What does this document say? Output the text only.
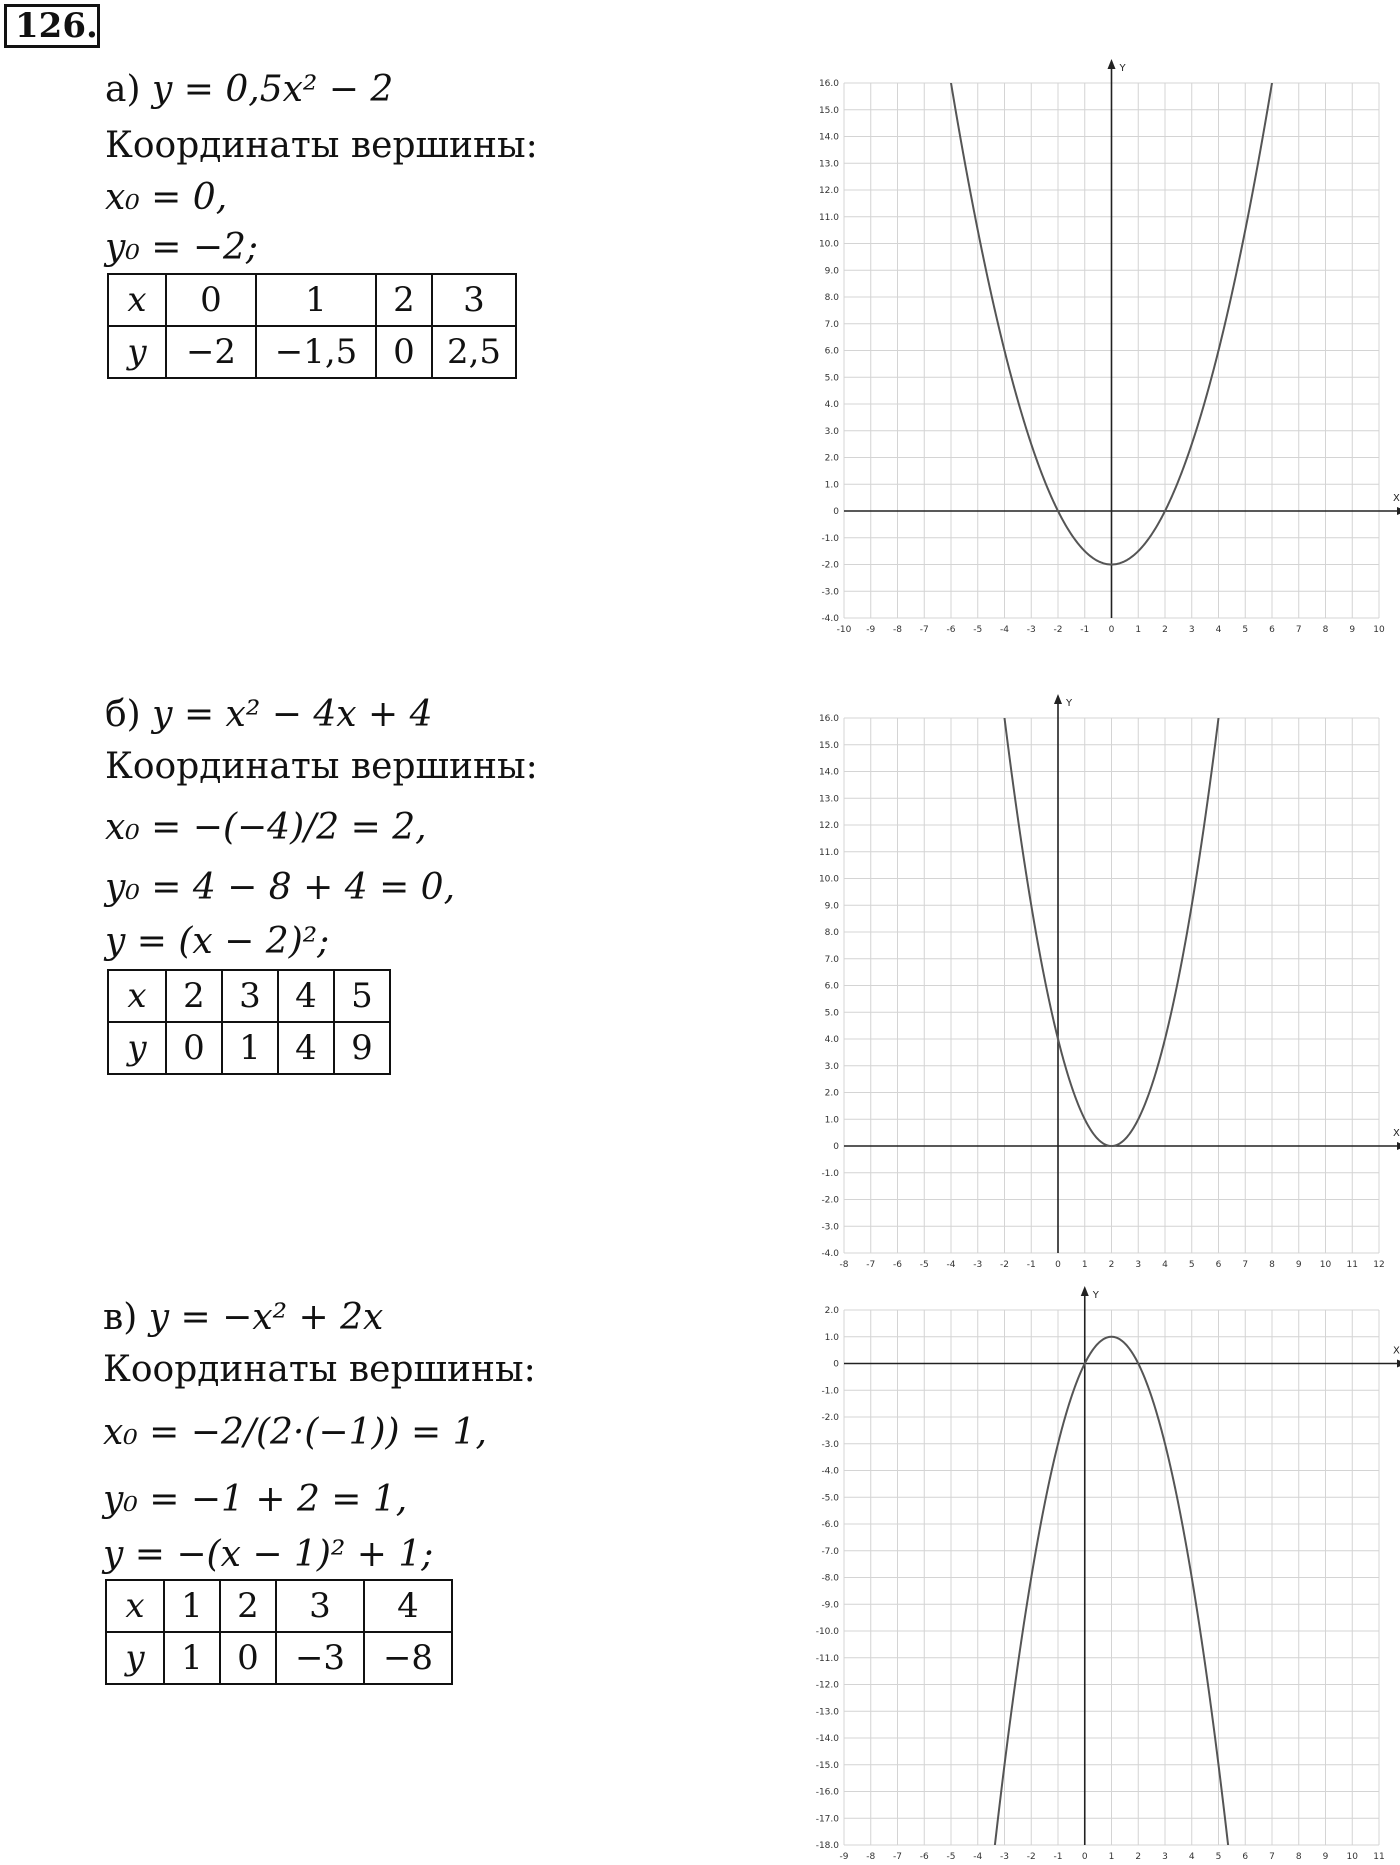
126.
а) y = 0,5x² − 2
Координаты вершины:
x₀ = 0,
y₀ = −2;
x	0	1	2	3
y	−2	−1,5	0	2,5
б) y = x² − 4x + 4
Координаты вершины:
x₀ = −(−4)/2 = 2,
y₀ = 4 − 8 + 4 = 0,
y = (x − 2)²;
x	2	3	4	5
y	0	1	4	9
в) y = −x² + 2x
Координаты вершины:
x₀ = −2/(2·(−1)) = 1,
y₀ = −1 + 2 = 1,
y = −(x − 1)² + 1;
x	1	2	3	4
y	1	0	−3	−8
-10 -9 -8 -7 -6 -5 -4 -3 -2 -1 0 1 2 3 4 5 6 7 8 9 10
16.0
15.0
14.0
13.0
12.0
11.0
10.0
9.0
8.0
7.0
6.0
5.0
4.0
3.0
2.0
1.0
0
-1.0
-2.0
-3.0
-4.0
X
Y
-8 -7 -6 -5 -4 -3 -2 -1 0 1 2 3 4 5 6 7 8 9 10 11 12
16.0
15.0
14.0
13.0
12.0
11.0
10.0
9.0
8.0
7.0
6.0
5.0
4.0
3.0
2.0
1.0
0
-1.0
-2.0
-3.0
-4.0
X
Y
-9 -8 -7 -6 -5 -4 -3 -2 -1 0 1 2 3 4 5 6 7 8 9 10 11
2.0
1.0
0
-1.0
-2.0
-3.0
-4.0
-5.0
-6.0
-7.0
-8.0
-9.0
-10.0
-11.0
-12.0
-13.0
-14.0
-15.0
-16.0
-17.0
-18.0
X
Y
